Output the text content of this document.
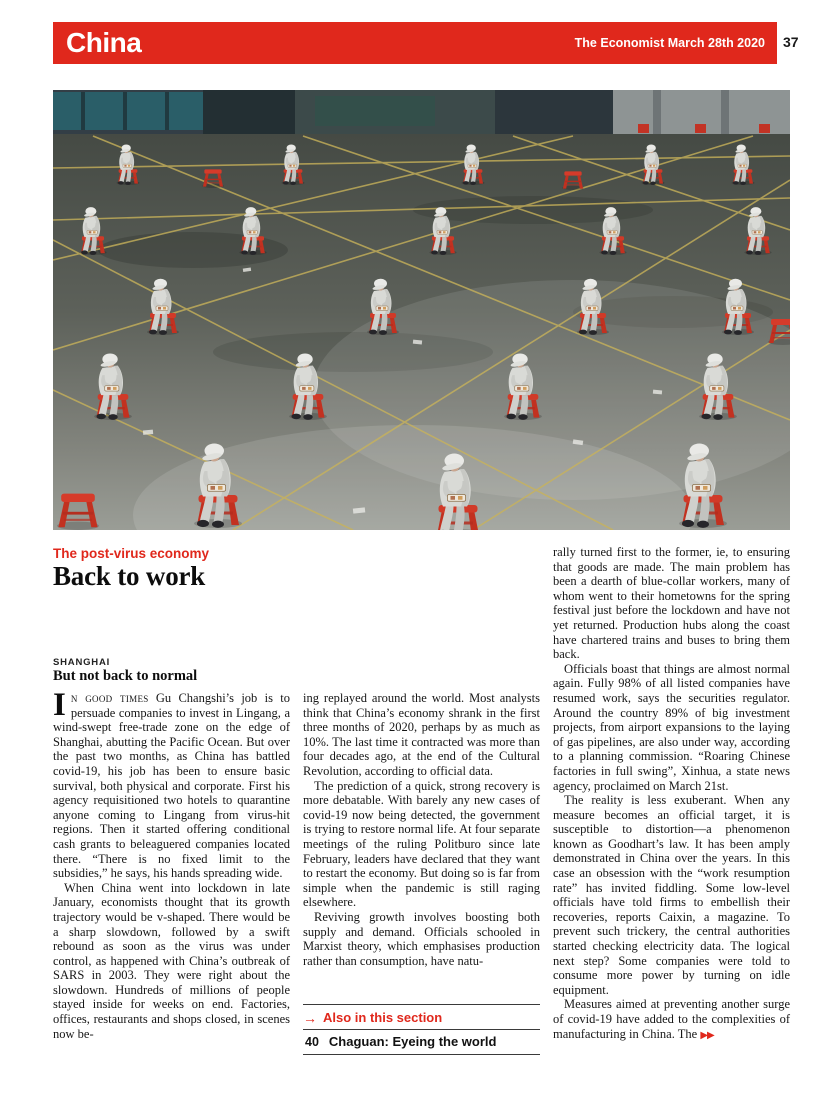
China	The Economist March 28th 2020 37
The post-virus economy
Back to work
SHANGHAI
But not back to normal

In good times Gu Changshi’s job is to persuade companies to invest in Lingang, a wind-swept free-trade zone on the edge of Shanghai, abutting the Pacific Ocean. But over the past two months, as China has battled covid-19, his job has been to ensure basic survival, both physical and corporate. First his agency requisitioned two hotels to quarantine anyone coming to Lingang from virus-hit regions. Then it started offering conditional cash grants to beleaguered companies located there. “There is no fixed limit to the subsidies,” he says, his hands spreading wide.

When China went into lockdown in late January, economists thought that its growth trajectory would be v-shaped. There would be a sharp slowdown, followed by a swift rebound as soon as the virus was under control, as happened with China’s outbreak of SARS in 2003. They were right about the slowdown. Hundreds of millions of people stayed inside for weeks on end. Factories, offices, restaurants and shops closed, in scenes now be-

ing replayed around the world. Most analysts think that China’s economy shrank in the first three months of 2020, perhaps by as much as 10%. The last time it contracted was more than four decades ago, at the end of the Cultural Revolution, according to official data.

The prediction of a quick, strong recovery is more debatable. With barely any new cases of covid-19 now being detected, the government is trying to restore normal life. At four separate meetings of the ruling Politburo since late February, leaders have declared that they want to restart the economy. But doing so is far from simple when the pandemic is still raging elsewhere.

Reviving growth involves boosting both supply and demand. Officials schooled in Marxist theory, which emphasises production rather than consumption, have natu-

rally turned first to the former, ie, to ensuring that goods are made. The main problem has been a dearth of blue-collar workers, many of whom went to their hometowns for the spring festival just before the lockdown and have not yet returned. Production hubs along the coast have chartered trains and buses to bring them back.

Officials boast that things are almost normal again. Fully 98% of all listed companies have resumed work, says the securities regulator. Around the country 89% of big investment projects, from airport expansions to the laying of gas pipelines, are also under way, according to a planning commission. “Roaring Chinese factories in full swing”, Xinhua, a state news agency, proclaimed on March 21st.

The reality is less exuberant. When any measure becomes an official target, it is susceptible to distortion—a phenomenon known as Goodhart’s law. It has been amply demonstrated in China over the years. In this case an obsession with the “work resumption rate” has invited fiddling. Some low-level officials have told firms to embellish their recoveries, reports Caixin, a magazine. To prevent such trickery, the central authorities started checking electricity data. The logical next step? Some companies were told to consume more power by turning on idle equipment.

Measures aimed at preventing another surge of covid-19 have added to the complexities of manufacturing in China. The ▶▶

→ Also in this section
40 Chaguan: Eyeing the world
